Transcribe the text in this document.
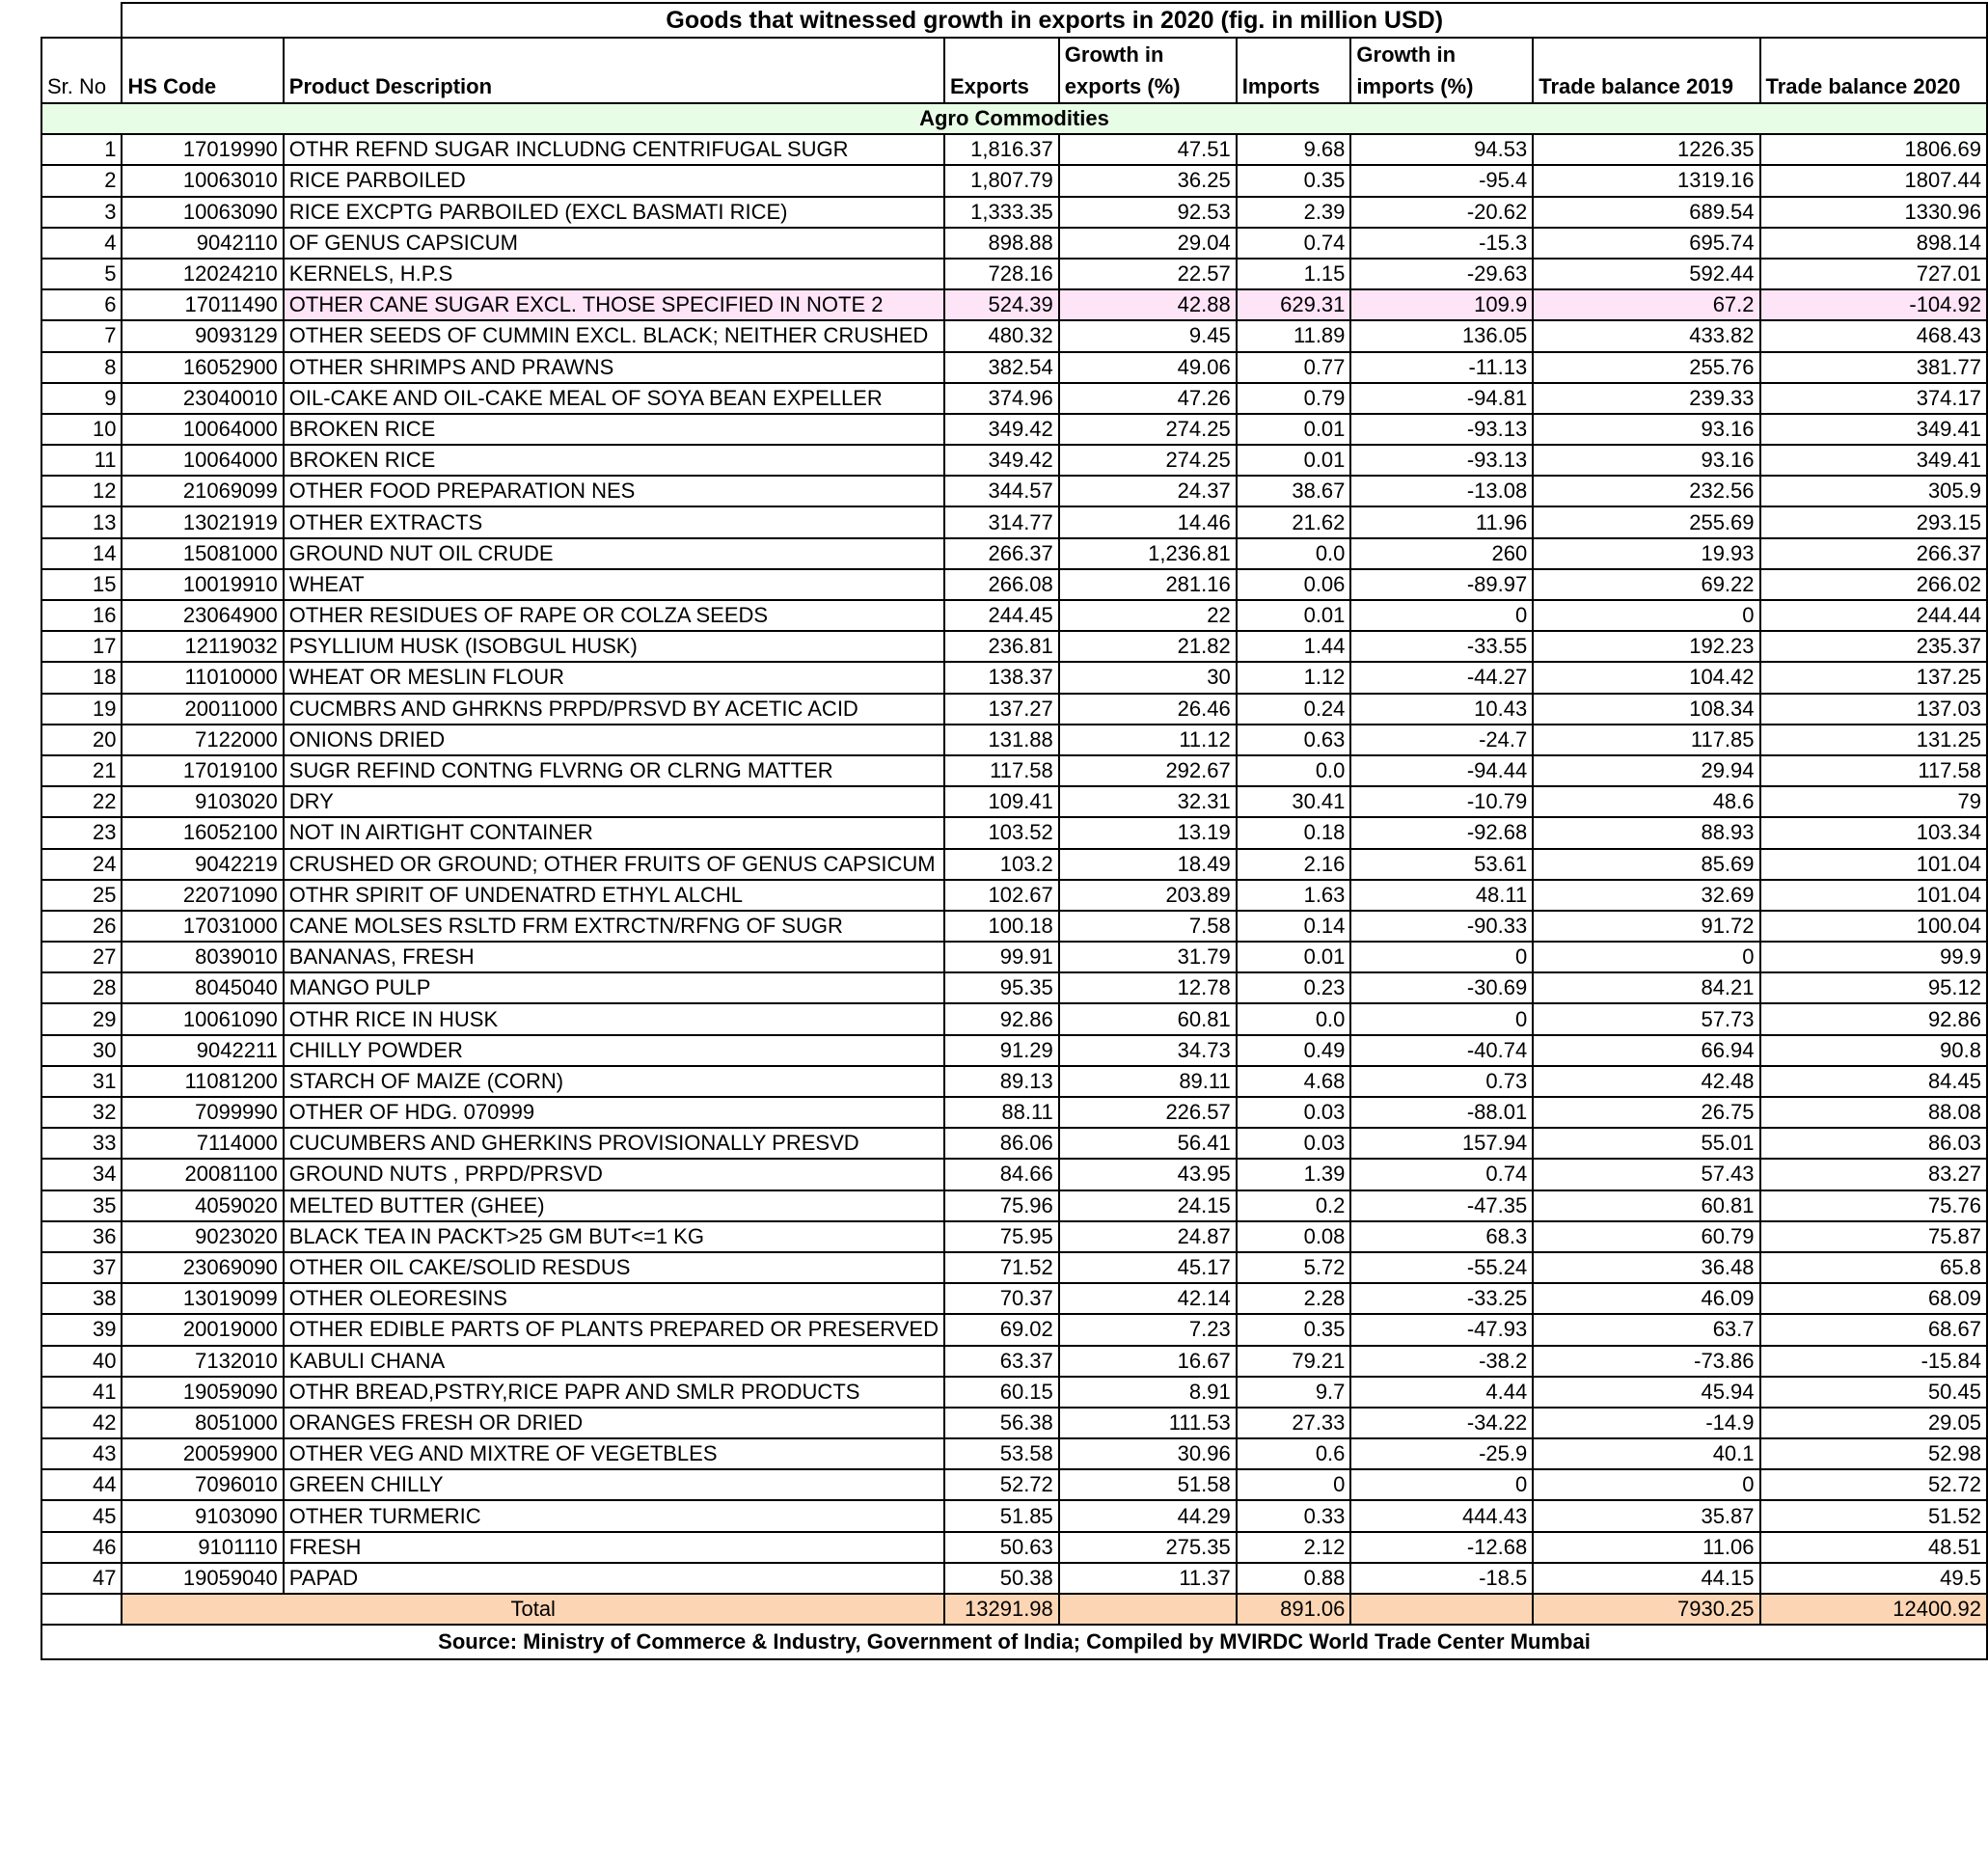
	Goods that witnessed growth in exports in 2020 (fig. in million USD)							
Sr. No	HS Code	Product Description	Exports	Growth in exports (%)	Imports	Growth in imports (%)	Trade balance 2019	Trade balance 2020
Agro Commodities								
1	17019990	OTHR REFND SUGAR INCLUDNG CENTRIFUGAL SUGR	1,816.37	47.51	9.68	94.53	1226.35	1806.69
2	10063010	RICE PARBOILED	1,807.79	36.25	0.35	-95.4	1319.16	1807.44
3	10063090	RICE EXCPTG PARBOILED (EXCL BASMATI RICE)	1,333.35	92.53	2.39	-20.62	689.54	1330.96
4	9042110	OF GENUS CAPSICUM	898.88	29.04	0.74	-15.3	695.74	898.14
5	12024210	KERNELS, H.P.S	728.16	22.57	1.15	-29.63	592.44	727.01
6	17011490	OTHER CANE SUGAR EXCL. THOSE SPECIFIED IN NOTE 2	524.39	42.88	629.31	109.9	67.2	-104.92
7	9093129	OTHER SEEDS OF CUMMIN EXCL. BLACK; NEITHER CRUSHED	480.32	9.45	11.89	136.05	433.82	468.43
8	16052900	OTHER SHRIMPS AND PRAWNS	382.54	49.06	0.77	-11.13	255.76	381.77
9	23040010	OIL-CAKE AND OIL-CAKE MEAL OF SOYA BEAN EXPELLER	374.96	47.26	0.79	-94.81	239.33	374.17
10	10064000	BROKEN RICE	349.42	274.25	0.01	-93.13	93.16	349.41
11	10064000	BROKEN RICE	349.42	274.25	0.01	-93.13	93.16	349.41
12	21069099	OTHER FOOD PREPARATION NES	344.57	24.37	38.67	-13.08	232.56	305.9
13	13021919	OTHER EXTRACTS	314.77	14.46	21.62	11.96	255.69	293.15
14	15081000	GROUND NUT OIL CRUDE	266.37	1,236.81	0.0	260	19.93	266.37
15	10019910	WHEAT	266.08	281.16	0.06	-89.97	69.22	266.02
16	23064900	OTHER RESIDUES OF RAPE OR COLZA SEEDS	244.45	22	0.01	0	0	244.44
17	12119032	PSYLLIUM HUSK (ISOBGUL HUSK)	236.81	21.82	1.44	-33.55	192.23	235.37
18	11010000	WHEAT OR MESLIN FLOUR	138.37	30	1.12	-44.27	104.42	137.25
19	20011000	CUCMBRS AND GHRKNS PRPD/PRSVD BY ACETIC ACID	137.27	26.46	0.24	10.43	108.34	137.03
20	7122000	ONIONS DRIED	131.88	11.12	0.63	-24.7	117.85	131.25
21	17019100	SUGR REFIND CONTNG FLVRNG OR CLRNG MATTER	117.58	292.67	0.0	-94.44	29.94	117.58
22	9103020	DRY	109.41	32.31	30.41	-10.79	48.6	79
23	16052100	NOT IN AIRTIGHT CONTAINER	103.52	13.19	0.18	-92.68	88.93	103.34
24	9042219	CRUSHED OR GROUND; OTHER FRUITS OF GENUS CAPSICUM	103.2	18.49	2.16	53.61	85.69	101.04
25	22071090	OTHR SPIRIT OF UNDENATRD ETHYL ALCHL	102.67	203.89	1.63	48.11	32.69	101.04
26	17031000	CANE MOLSES RSLTD FRM EXTRCTN/RFNG OF SUGR	100.18	7.58	0.14	-90.33	91.72	100.04
27	8039010	BANANAS, FRESH	99.91	31.79	0.01	0	0	99.9
28	8045040	MANGO PULP	95.35	12.78	0.23	-30.69	84.21	95.12
29	10061090	OTHR RICE IN HUSK	92.86	60.81	0.0	0	57.73	92.86
30	9042211	CHILLY POWDER	91.29	34.73	0.49	-40.74	66.94	90.8
31	11081200	STARCH OF MAIZE (CORN)	89.13	89.11	4.68	0.73	42.48	84.45
32	7099990	OTHER OF HDG. 070999	88.11	226.57	0.03	-88.01	26.75	88.08
33	7114000	CUCUMBERS AND GHERKINS PROVISIONALLY PRESVD	86.06	56.41	0.03	157.94	55.01	86.03
34	20081100	GROUND NUTS , PRPD/PRSVD	84.66	43.95	1.39	0.74	57.43	83.27
35	4059020	MELTED BUTTER (GHEE)	75.96	24.15	0.2	-47.35	60.81	75.76
36	9023020	BLACK TEA IN PACKT>25 GM BUT<=1 KG	75.95	24.87	0.08	68.3	60.79	75.87
37	23069090	OTHER OIL CAKE/SOLID RESDUS	71.52	45.17	5.72	-55.24	36.48	65.8
38	13019099	OTHER OLEORESINS	70.37	42.14	2.28	-33.25	46.09	68.09
39	20019000	OTHER EDIBLE PARTS OF PLANTS PREPARED OR PRESERVED	69.02	7.23	0.35	-47.93	63.7	68.67
40	7132010	KABULI CHANA	63.37	16.67	79.21	-38.2	-73.86	-15.84
41	19059090	OTHR BREAD,PSTRY,RICE PAPR AND SMLR PRODUCTS	60.15	8.91	9.7	4.44	45.94	50.45
42	8051000	ORANGES FRESH OR DRIED	56.38	111.53	27.33	-34.22	-14.9	29.05
43	20059900	OTHER VEG AND MIXTRE OF VEGETBLES	53.58	30.96	0.6	-25.9	40.1	52.98
44	7096010	GREEN CHILLY	52.72	51.58	0	0	0	52.72
45	9103090	OTHER TURMERIC	51.85	44.29	0.33	444.43	35.87	51.52
46	9101110	FRESH	50.63	275.35	2.12	-12.68	11.06	48.51
47	19059040	PAPAD	50.38	11.37	0.88	-18.5	44.15	49.5
	Total		13291.98		891.06		7930.25	12400.92
Source: Ministry of Commerce & Industry, Government of India; Compiled by MVIRDC World Trade Center Mumbai								
